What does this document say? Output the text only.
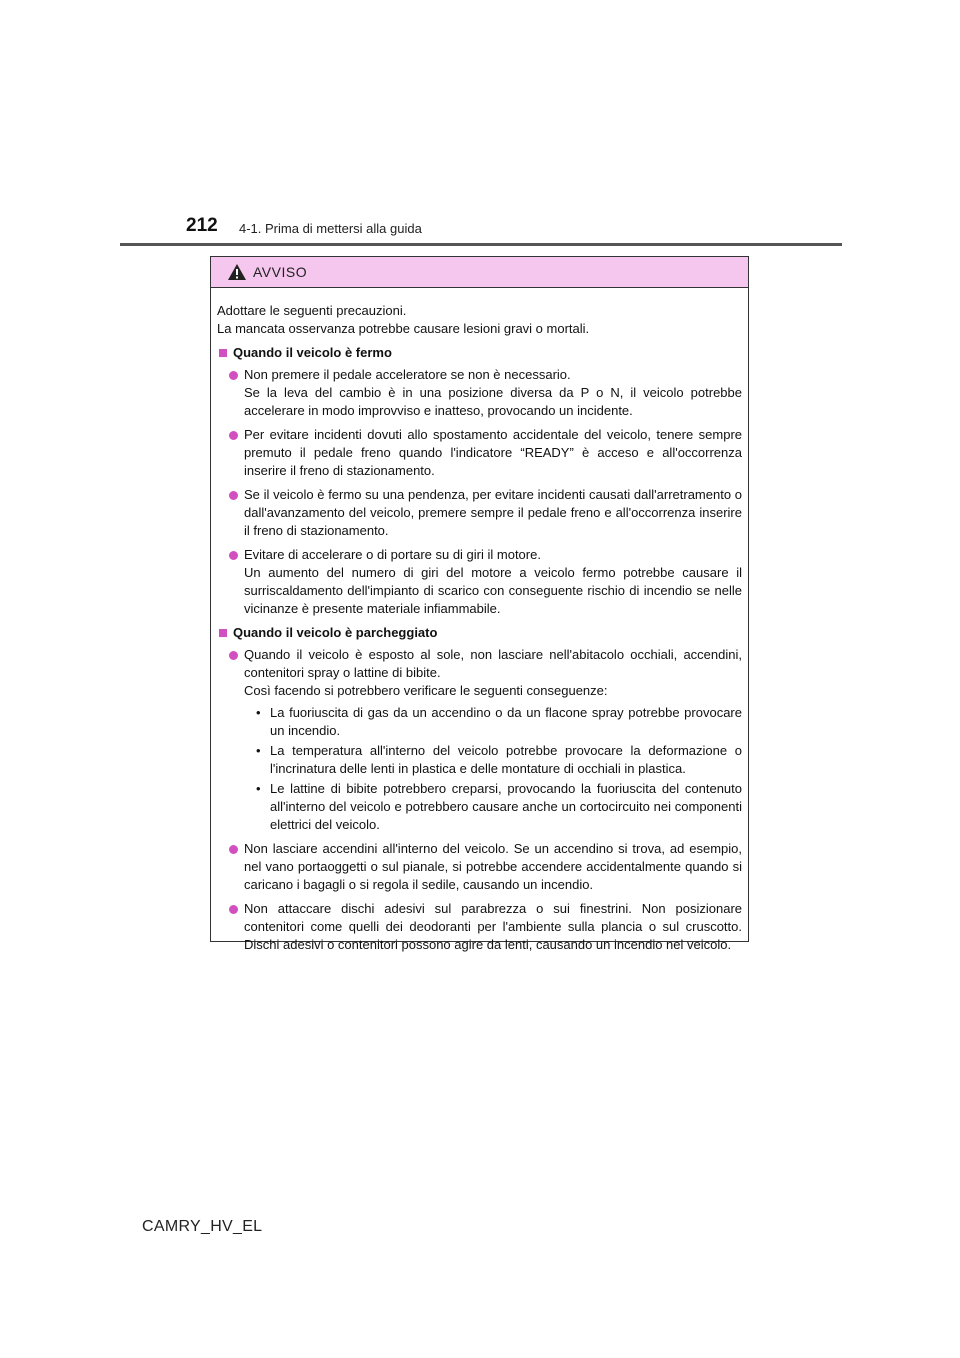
212 4-1. Prima di mettersi alla guida
AVVISO

Adottare le seguenti precauzioni.

La mancata osservanza potrebbe causare lesioni gravi o mortali.

Quando il veicolo è fermo
Non premere il pedale acceleratore se non è necessario.
Se la leva del cambio è in una posizione diversa da P o N, il veicolo potrebbe accelerare in modo improvviso e inatteso, provocando un incidente.
Per evitare incidenti dovuti allo spostamento accidentale del veicolo, tenere sempre premuto il pedale freno quando l'indicatore “READY” è acceso e all'occorrenza inserire il freno di stazionamento.
Se il veicolo è fermo su una pendenza, per evitare incidenti causati dall'arretramento o dall'avanzamento del veicolo, premere sempre il pedale freno e all'occorrenza inserire il freno di stazionamento.
Evitare di accelerare o di portare su di giri il motore.
Un aumento del numero di giri del motore a veicolo fermo potrebbe causare il surriscaldamento dell'impianto di scarico con conseguente rischio di incendio se nelle vicinanze è presente materiale infiammabile.
Quando il veicolo è parcheggiato
Quando il veicolo è esposto al sole, non lasciare nell'abitacolo occhiali, accendini, contenitori spray o lattine di bibite.
Così facendo si potrebbero verificare le seguenti conseguenze:
• La fuoriuscita di gas da un accendino o da un flacone spray potrebbe provocare un incendio.
• La temperatura all'interno del veicolo potrebbe provocare la deformazione o l'incrinatura delle lenti in plastica e delle montature di occhiali in plastica.
• Le lattine di bibite potrebbero creparsi, provocando la fuoriuscita del contenuto all'interno del veicolo e potrebbero causare anche un cortocircuito nei componenti elettrici del veicolo.
Non lasciare accendini all'interno del veicolo. Se un accendino si trova, ad esempio, nel vano portaoggetti o sul pianale, si potrebbe accendere accidentalmente quando si caricano i bagagli o si regola il sedile, causando un incendio.
Non attaccare dischi adesivi sul parabrezza o sui finestrini. Non posizionare contenitori come quelli dei deodoranti per l'ambiente sulla plancia o sul cruscotto. Dischi adesivi o contenitori possono agire da lenti, causando un incendio nel veicolo.
CAMRY_HV_EL
